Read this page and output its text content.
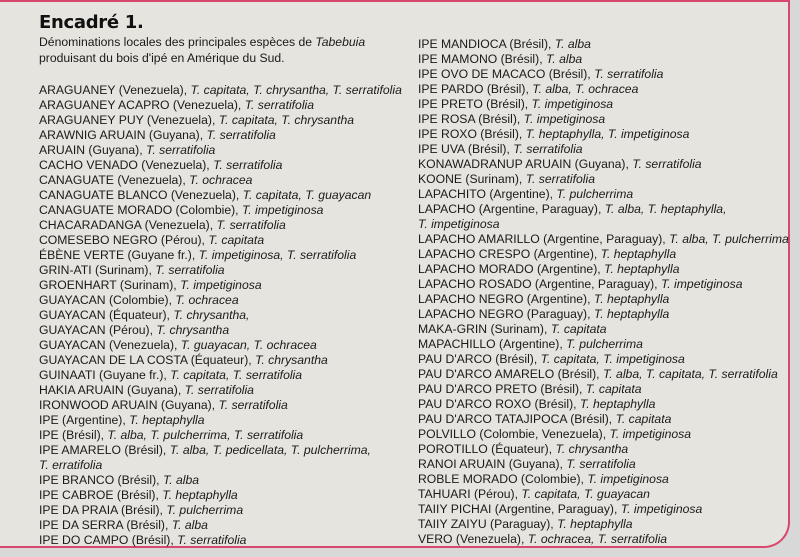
Encadré 1.
Dénominations locales des principales espèces de Tabebuia produisant du bois d'ipé en Amérique du Sud.
ARAGUANEY (Venezuela), T. capitata, T. chrysantha, T. serratifolia
ARAGUANEY ACAPRO (Venezuela), T. serratifolia
ARAGUANEY PUY (Venezuela), T. capitata, T. chrysantha
ARAWNIG ARUAIN (Guyana), T. serratifolia
ARUAIN (Guyana), T. serratifolia
CACHO VENADO (Venezuela), T. serratifolia
CANAGUATE (Venezuela), T. ochracea
CANAGUATE BLANCO (Venezuela), T. capitata, T. guayacan
CANAGUATE MORADO (Colombie), T. impetiginosa
CHACARADANGA (Venezuela), T. serratifolia
COMESEBO NEGRO (Pérou), T. capitata
ÉBÈNE VERTE (Guyane fr.), T. impetiginosa, T. serratifolia
GRIN-ATI (Surinam), T. serratifolia
GROENHART (Surinam), T. impetiginosa
GUAYACAN (Colombie), T. ochracea
GUAYACAN (Équateur), T. chrysantha,
GUAYACAN (Pérou), T. chrysantha
GUAYACAN (Venezuela), T. guayacan, T. ochracea
GUAYACAN DE LA COSTA (Équateur), T. chrysantha
GUINAATI (Guyane fr.), T. capitata, T. serratifolia
HAKIA ARUAIN (Guyana), T. serratifolia
IRONWOOD ARUAIN (Guyana), T. serratifolia
IPE (Argentine), T. heptaphylla
IPE (Brésil), T. alba, T. pulcherrima, T. serratifolia
IPE AMARELO (Brésil), T. alba, T. pedicellata, T. pulcherrima,
T. erratifolia
IPE BRANCO (Brésil), T. alba
IPE CABROE (Brésil), T. heptaphylla
IPE DA PRAIA (Brésil), T. pulcherrima
IPE DA SERRA (Brésil), T. alba
IPE DO CAMPO (Brésil), T. serratifolia
IPE MANDIOCA (Brésil), T. alba
IPE MAMONO (Brésil), T. alba
IPE OVO DE MACACO (Brésil), T. serratifolia
IPE PARDO (Brésil), T. alba, T. ochracea
IPE PRETO (Brésil), T. impetiginosa
IPE ROSA (Brésil), T. impetiginosa
IPE ROXO (Brésil), T. heptaphylla, T. impetiginosa
IPE UVA (Brésil), T. serratifolia
KONAWADRANUP ARUAIN (Guyana), T. serratifolia
KOONE (Surinam), T. serratifolia
LAPACHITO (Argentine), T. pulcherrima
LAPACHO (Argentine, Paraguay), T. alba, T. heptaphylla,
T. impetiginosa
LAPACHO AMARILLO (Argentine, Paraguay), T. alba, T. pulcherrima
LAPACHO CRESPO (Argentine), T. heptaphylla
LAPACHO MORADO (Argentine), T. heptaphylla
LAPACHO ROSADO (Argentine, Paraguay), T. impetiginosa
LAPACHO NEGRO (Argentine), T. heptaphylla
LAPACHO NEGRO (Paraguay), T. heptaphylla
MAKA-GRIN (Surinam), T. capitata
MAPACHILLO (Argentine), T. pulcherrima
PAU D'ARCO (Brésil), T. capitata, T. impetiginosa
PAU D'ARCO AMARELO (Brésil), T. alba, T. capitata, T. serratifolia
PAU D'ARCO PRETO (Brésil), T. capitata
PAU D'ARCO ROXO (Brésil), T. heptaphylla
PAU D'ARCO TATAJIPOCA (Brésil), T. capitata
POLVILLO (Colombie, Venezuela), T. impetiginosa
POROTILLO (Équateur), T. chrysantha
RANOI ARUAIN (Guyana), T. serratifolia
ROBLE MORADO (Colombie), T. impetiginosa
TAHUARI (Pérou), T. capitata, T. guayacan
TAIIY PICHAI (Argentine, Paraguay), T. impetiginosa
TAIIY ZAIYU (Paraguay), T. heptaphylla
VERO (Venezuela), T. ochracea, T. serratifolia
